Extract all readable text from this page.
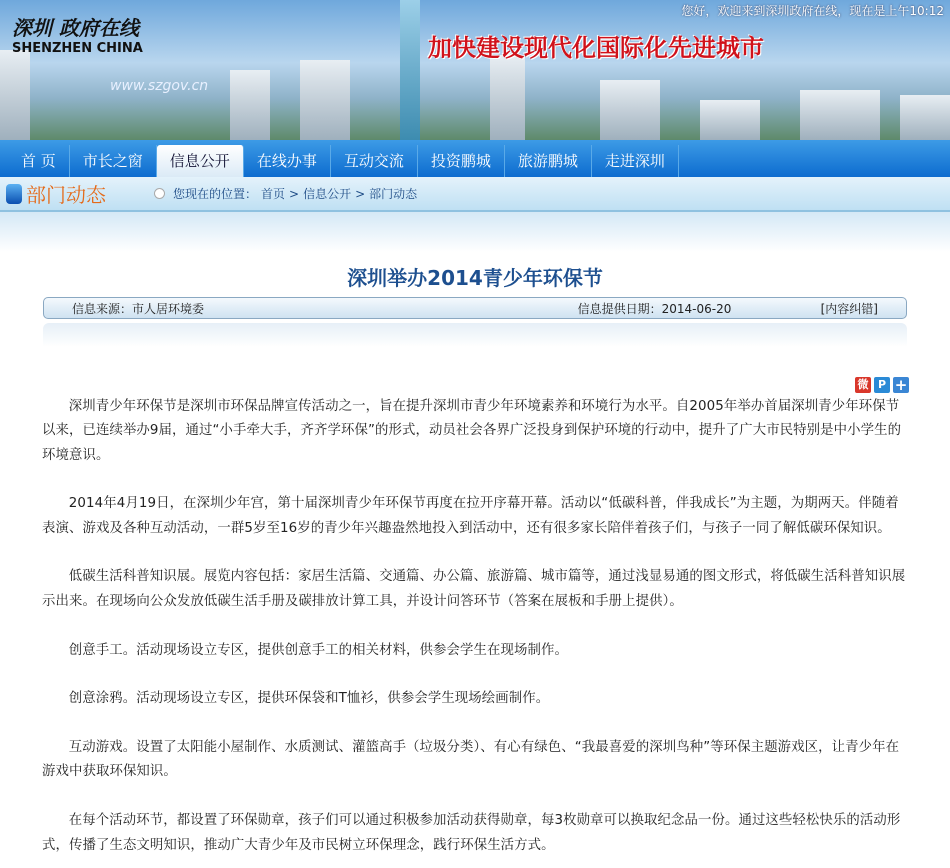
深圳 政府在线
SHENZHEN CHINA
www.szgov.cn
加快建设现代化国际化先进城市
您好，欢迎来到深圳政府在线，现在是上午10:12
首 页	市长之窗	信息公开	在线办事	互动交流	投资鹏城	旅游鹏城	走进深圳
部门动态	您现在的位置： 首页 > 信息公开 > 部门动态
深圳举办2014青少年环保节
信息来源：市人居环境委	信息提供日期：2014-06-20	[内容纠错]
微 P +

深圳青少年环保节是深圳市环保品牌宣传活动之一，旨在提升深圳市青少年环境素养和环境行为水平。自2005年举办首届深圳青少年环保节以来，已连续举办9届，通过“小手牵大手，齐齐学环保”的形式，动员社会各界广泛投身到保护环境的行动中，提升了广大市民特别是中小学生的环境意识。

2014年4月19日，在深圳少年宫，第十届深圳青少年环保节再度在拉开序幕开幕。活动以“低碳科普，伴我成长”为主题，为期两天。伴随着表演、游戏及各种互动活动，一群5岁至16岁的青少年兴趣盎然地投入到活动中，还有很多家长陪伴着孩子们，与孩子一同了解低碳环保知识。

低碳生活科普知识展。展览内容包括：家居生活篇、交通篇、办公篇、旅游篇、城市篇等，通过浅显易通的图文形式，将低碳生活科普知识展示出来。在现场向公众发放低碳生活手册及碳排放计算工具，并设计问答环节（答案在展板和手册上提供）。

创意手工。活动现场设立专区，提供创意手工的相关材料，供参会学生在现场制作。

创意涂鸦。活动现场设立专区，提供环保袋和T恤衫，供参会学生现场绘画制作。

互动游戏。设置了太阳能小屋制作、水质测试、灌篮高手（垃圾分类）、有心有绿色、“我最喜爱的深圳鸟种”等环保主题游戏区，让青少年在游戏中获取环保知识。

在每个活动环节，都设置了环保勋章，孩子们可以通过积极参加活动获得勋章，每3枚勋章可以换取纪念品一份。通过这些轻松快乐的活动形式，传播了生态文明知识，推动广大青少年及市民树立环保理念，践行环保生活方式。
